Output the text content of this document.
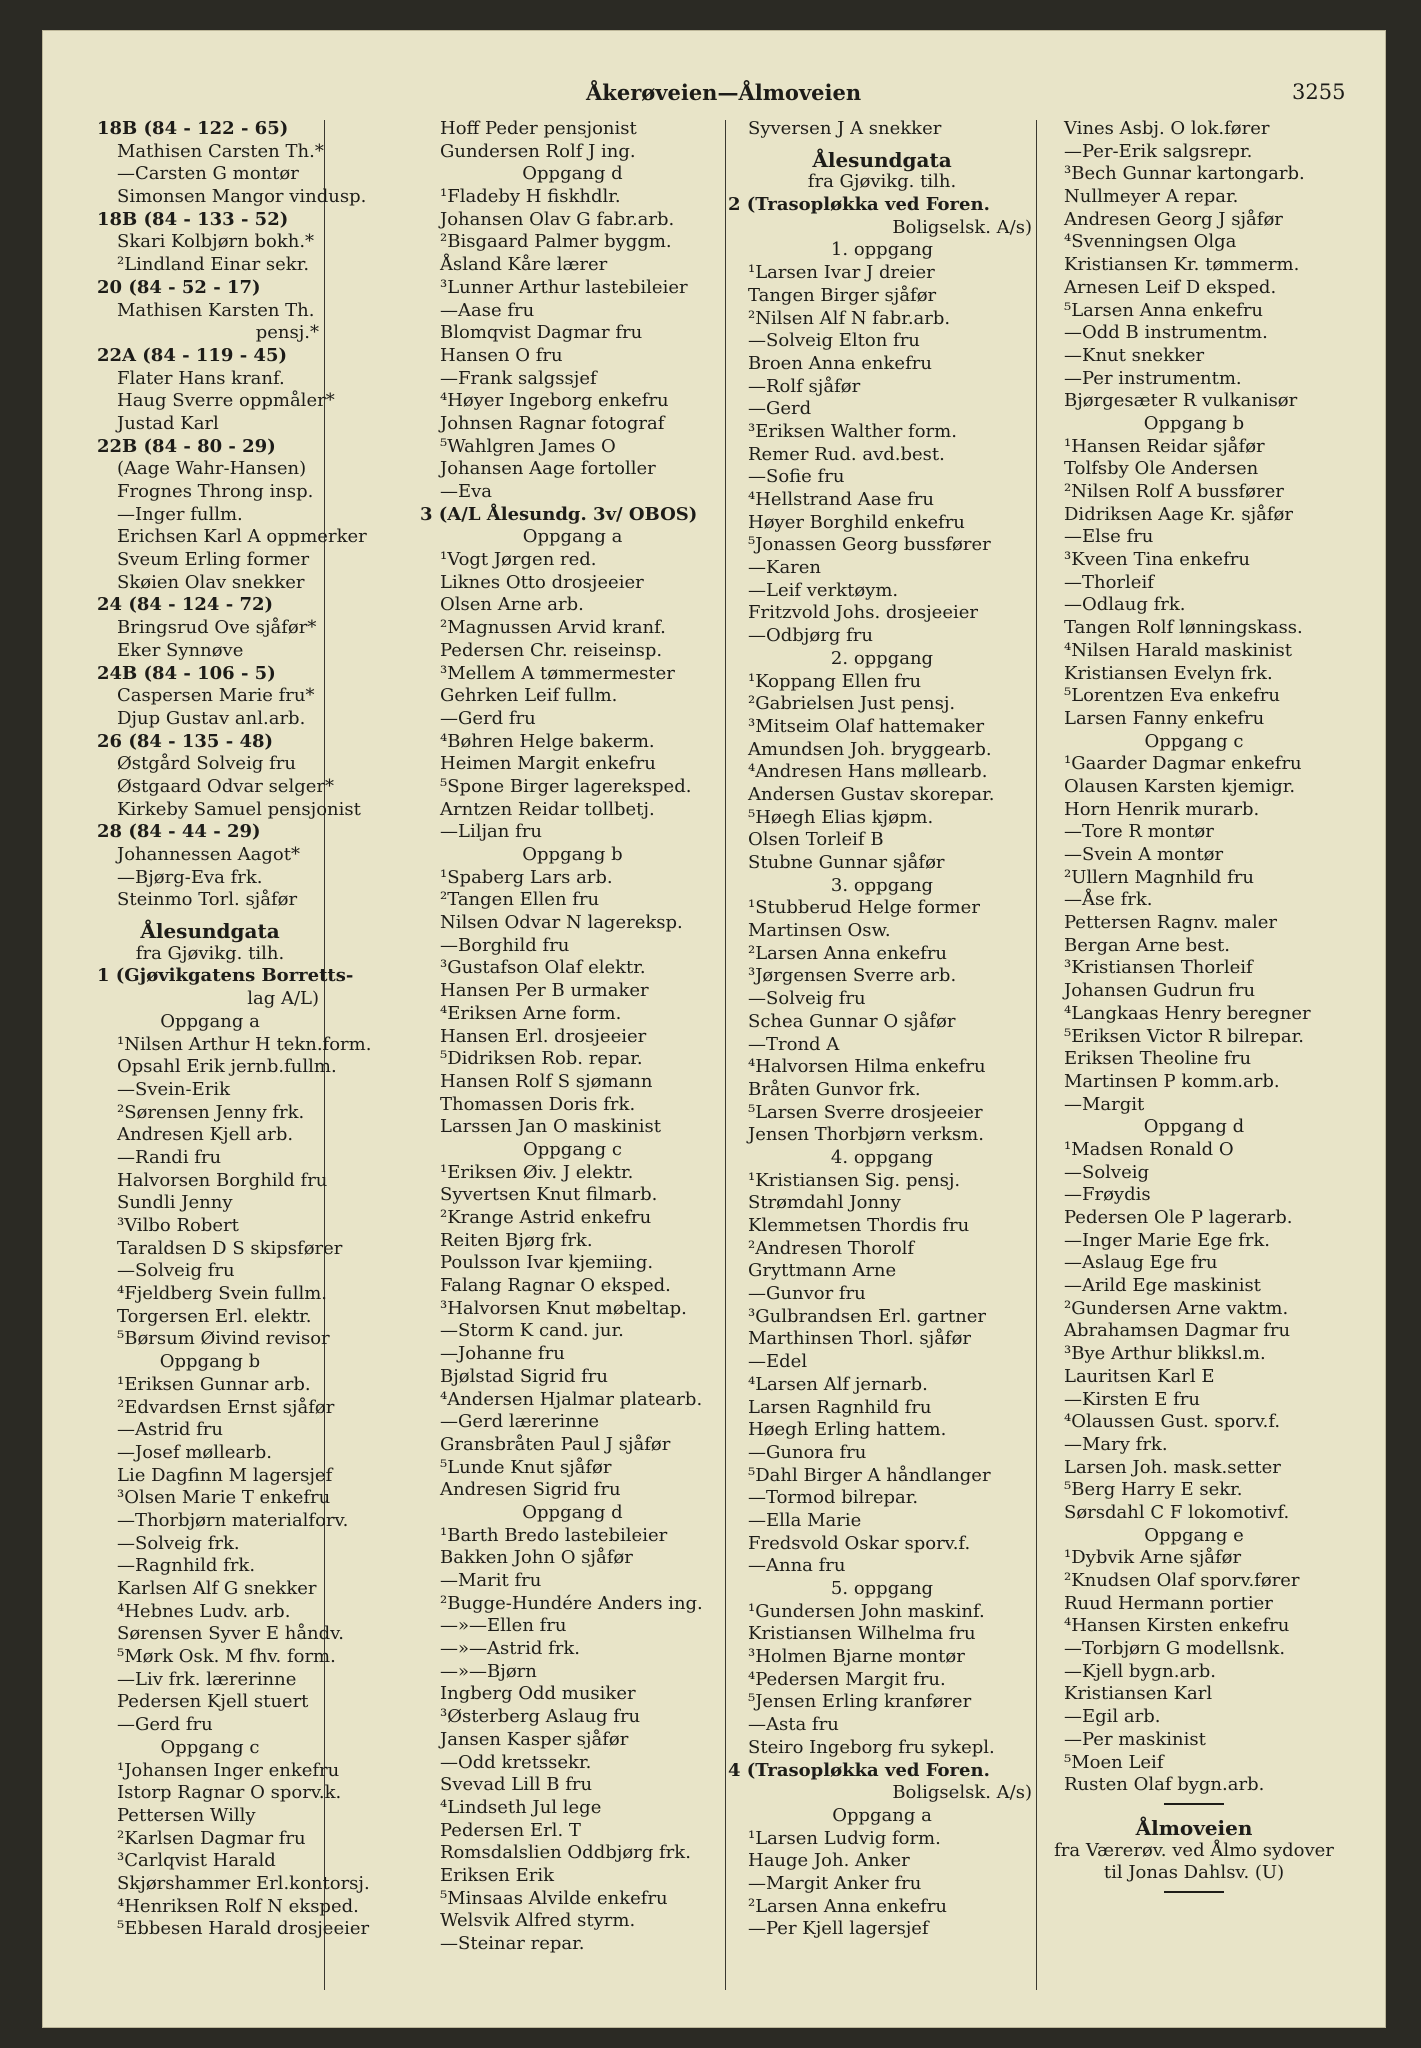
Åkerøveien—Ålmoveien	3255
18B (84 - 122 - 65)
Mathisen Carsten Th.*
—Carsten G montør
Simonsen Mangor vindusp.
18B (84 - 133 - 52)
Skari Kolbjørn bokh.*
²Lindland Einar sekr.
20 (84 - 52 - 17)
Mathisen Karsten Th.
pensj.*
22A (84 - 119 - 45)
Flater Hans kranf.
Haug Sverre oppmåler*
Justad Karl
22B (84 - 80 - 29)
(Aage Wahr-Hansen)
Frognes Throng insp.
—Inger fullm.
Erichsen Karl A oppmerker
Sveum Erling former
Skøien Olav snekker
24 (84 - 124 - 72)
Bringsrud Ove sjåfør*
Eker Synnøve
24B (84 - 106 - 5)
Caspersen Marie fru*
Djup Gustav anl.arb.
26 (84 - 135 - 48)
Østgård Solveig fru
Østgaard Odvar selger*
Kirkeby Samuel pensjonist
28 (84 - 44 - 29)
Johannessen Aagot*
—Bjørg-Eva frk.
Steinmo Torl. sjåfør
Ålesundgata
fra Gjøvikg. tilh.
1 (Gjøvikgatens Borretts-
lag A/L)
Oppgang a
¹Nilsen Arthur H tekn.form.
Opsahl Erik jernb.fullm.
—Svein-Erik
²Sørensen Jenny frk.
Andresen Kjell arb.
—Randi fru
Halvorsen Borghild fru
Sundli Jenny
³Vilbo Robert
Taraldsen D S skipsfører
—Solveig fru
⁴Fjeldberg Svein fullm.
Torgersen Erl. elektr.
⁵Børsum Øivind revisor
Oppgang b
¹Eriksen Gunnar arb.
²Edvardsen Ernst sjåfør
—Astrid fru
—Josef møllearb.
Lie Dagfinn M lagersjef
³Olsen Marie T enkefru
—Thorbjørn materialforv.
—Solveig frk.
—Ragnhild frk.
Karlsen Alf G snekker
⁴Hebnes Ludv. arb.
Sørensen Syver E håndv.
⁵Mørk Osk. M fhv. form.
—Liv frk. lærerinne
Pedersen Kjell stuert
—Gerd fru
Oppgang c
¹Johansen Inger enkefru
Istorp Ragnar O sporv.k.
Pettersen Willy
²Karlsen Dagmar fru
³Carlqvist Harald
Skjørshammer Erl.kontorsj.
⁴Henriksen Rolf N eksped.
⁵Ebbesen Harald drosjeeier
Hoff Peder pensjonist
Gundersen Rolf J ing.
Oppgang d
¹Fladeby H fiskhdlr.
Johansen Olav G fabr.arb.
²Bisgaard Palmer byggm.
Åsland Kåre lærer
³Lunner Arthur lastebileier
—Aase fru
Blomqvist Dagmar fru
Hansen O fru
—Frank salgssjef
⁴Høyer Ingeborg enkefru
Johnsen Ragnar fotograf
⁵Wahlgren James O
Johansen Aage fortoller
—Eva
3 (A/L Ålesundg. 3v/ OBOS)
Oppgang a
¹Vogt Jørgen red.
Liknes Otto drosjeeier
Olsen Arne arb.
²Magnussen Arvid kranf.
Pedersen Chr. reiseinsp.
³Mellem A tømmermester
Gehrken Leif fullm.
—Gerd fru
⁴Bøhren Helge bakerm.
Heimen Margit enkefru
⁵Spone Birger lagereksped.
Arntzen Reidar tollbetj.
—Liljan fru
Oppgang b
¹Spaberg Lars arb.
²Tangen Ellen fru
Nilsen Odvar N lagereksp.
—Borghild fru
³Gustafson Olaf elektr.
Hansen Per B urmaker
⁴Eriksen Arne form.
Hansen Erl. drosjeeier
⁵Didriksen Rob. repar.
Hansen Rolf S sjømann
Thomassen Doris frk.
Larssen Jan O maskinist
Oppgang c
¹Eriksen Øiv. J elektr.
Syvertsen Knut filmarb.
²Krange Astrid enkefru
Reiten Bjørg frk.
Poulsson Ivar kjemiing.
Falang Ragnar O eksped.
³Halvorsen Knut møbeltap.
—Storm K cand. jur.
—Johanne fru
Bjølstad Sigrid fru
⁴Andersen Hjalmar platearb.
—Gerd lærerinne
Gransbråten Paul J sjåfør
⁵Lunde Knut sjåfør
Andresen Sigrid fru
Oppgang d
¹Barth Bredo lastebileier
Bakken John O sjåfør
—Marit fru
²Bugge-Hundére Anders ing.
—»—Ellen fru
—»—Astrid frk.
—»—Bjørn
Ingberg Odd musiker
³Østerberg Aslaug fru
Jansen Kasper sjåfør
—Odd kretssekr.
Svevad Lill B fru
⁴Lindseth Jul lege
Pedersen Erl. T
Romsdalslien Oddbjørg frk.
Eriksen Erik
⁵Minsaas Alvilde enkefru
Welsvik Alfred styrm.
—Steinar repar.
Syversen J A snekker
Ålesundgata
fra Gjøvikg. tilh.
2 (Trasopløkka ved Foren.
Boligselsk. A/s)
1. oppgang
¹Larsen Ivar J dreier
Tangen Birger sjåfør
²Nilsen Alf N fabr.arb.
—Solveig Elton fru
Broen Anna enkefru
—Rolf sjåfør
—Gerd
³Eriksen Walther form.
Remer Rud. avd.best.
—Sofie fru
⁴Hellstrand Aase fru
Høyer Borghild enkefru
⁵Jonassen Georg bussfører
—Karen
—Leif verktøym.
Fritzvold Johs. drosjeeier
—Odbjørg fru
2. oppgang
¹Koppang Ellen fru
²Gabrielsen Just pensj.
³Mitseim Olaf hattemaker
Amundsen Joh. bryggearb.
⁴Andresen Hans møllearb.
Andersen Gustav skorepar.
⁵Høegh Elias kjøpm.
Olsen Torleif B
Stubne Gunnar sjåfør
3. oppgang
¹Stubberud Helge former
Martinsen Osw.
²Larsen Anna enkefru
³Jørgensen Sverre arb.
—Solveig fru
Schea Gunnar O sjåfør
—Trond A
⁴Halvorsen Hilma enkefru
Bråten Gunvor frk.
⁵Larsen Sverre drosjeeier
Jensen Thorbjørn verksm.
4. oppgang
¹Kristiansen Sig. pensj.
Strømdahl Jonny
Klemmetsen Thordis fru
²Andresen Thorolf
Gryttmann Arne
—Gunvor fru
³Gulbrandsen Erl. gartner
Marthinsen Thorl. sjåfør
—Edel
⁴Larsen Alf jernarb.
Larsen Ragnhild fru
Høegh Erling hattem.
—Gunora fru
⁵Dahl Birger A håndlanger
—Tormod bilrepar.
—Ella Marie
Fredsvold Oskar sporv.f.
—Anna fru
5. oppgang
¹Gundersen John maskinf.
Kristiansen Wilhelma fru
³Holmen Bjarne montør
⁴Pedersen Margit fru.
⁵Jensen Erling kranfører
—Asta fru
Steiro Ingeborg fru sykepl.
4 (Trasopløkka ved Foren.
Boligselsk. A/s)
Oppgang a
¹Larsen Ludvig form.
Hauge Joh. Anker
—Margit Anker fru
²Larsen Anna enkefru
—Per Kjell lagersjef
Vines Asbj. O lok.fører
—Per-Erik salgsrepr.
³Bech Gunnar kartongarb.
Nullmeyer A repar.
Andresen Georg J sjåfør
⁴Svenningsen Olga
Kristiansen Kr. tømmerm.
Arnesen Leif D eksped.
⁵Larsen Anna enkefru
—Odd B instrumentm.
—Knut snekker
—Per instrumentm.
Bjørgesæter R vulkanisør
Oppgang b
¹Hansen Reidar sjåfør
Tolfsby Ole Andersen
²Nilsen Rolf A bussfører
Didriksen Aage Kr. sjåfør
—Else fru
³Kveen Tina enkefru
—Thorleif
—Odlaug frk.
Tangen Rolf lønningskass.
⁴Nilsen Harald maskinist
Kristiansen Evelyn frk.
⁵Lorentzen Eva enkefru
Larsen Fanny enkefru
Oppgang c
¹Gaarder Dagmar enkefru
Olausen Karsten kjemigr.
Horn Henrik murarb.
—Tore R montør
—Svein A montør
²Ullern Magnhild fru
—Åse frk.
Pettersen Ragnv. maler
Bergan Arne best.
³Kristiansen Thorleif
Johansen Gudrun fru
⁴Langkaas Henry beregner
⁵Eriksen Victor R bilrepar.
Eriksen Theoline fru
Martinsen P komm.arb.
—Margit
Oppgang d
¹Madsen Ronald O
—Solveig
—Frøydis
Pedersen Ole P lagerarb.
—Inger Marie Ege frk.
—Aslaug Ege fru
—Arild Ege maskinist
²Gundersen Arne vaktm.
Abrahamsen Dagmar fru
³Bye Arthur blikksl.m.
Lauritsen Karl E
—Kirsten E fru
⁴Olaussen Gust. sporv.f.
—Mary frk.
Larsen Joh. mask.setter
⁵Berg Harry E sekr.
Sørsdahl C F lokomotivf.
Oppgang e
¹Dybvik Arne sjåfør
²Knudsen Olaf sporv.fører
Ruud Hermann portier
⁴Hansen Kirsten enkefru
—Torbjørn G modellsnk.
—Kjell bygn.arb.
Kristiansen Karl
—Egil arb.
—Per maskinist
⁵Moen Leif
Rusten Olaf bygn.arb.
Ålmoveien
fra Værerøv. ved Ålmo sydover
til Jonas Dahlsv. (U)
